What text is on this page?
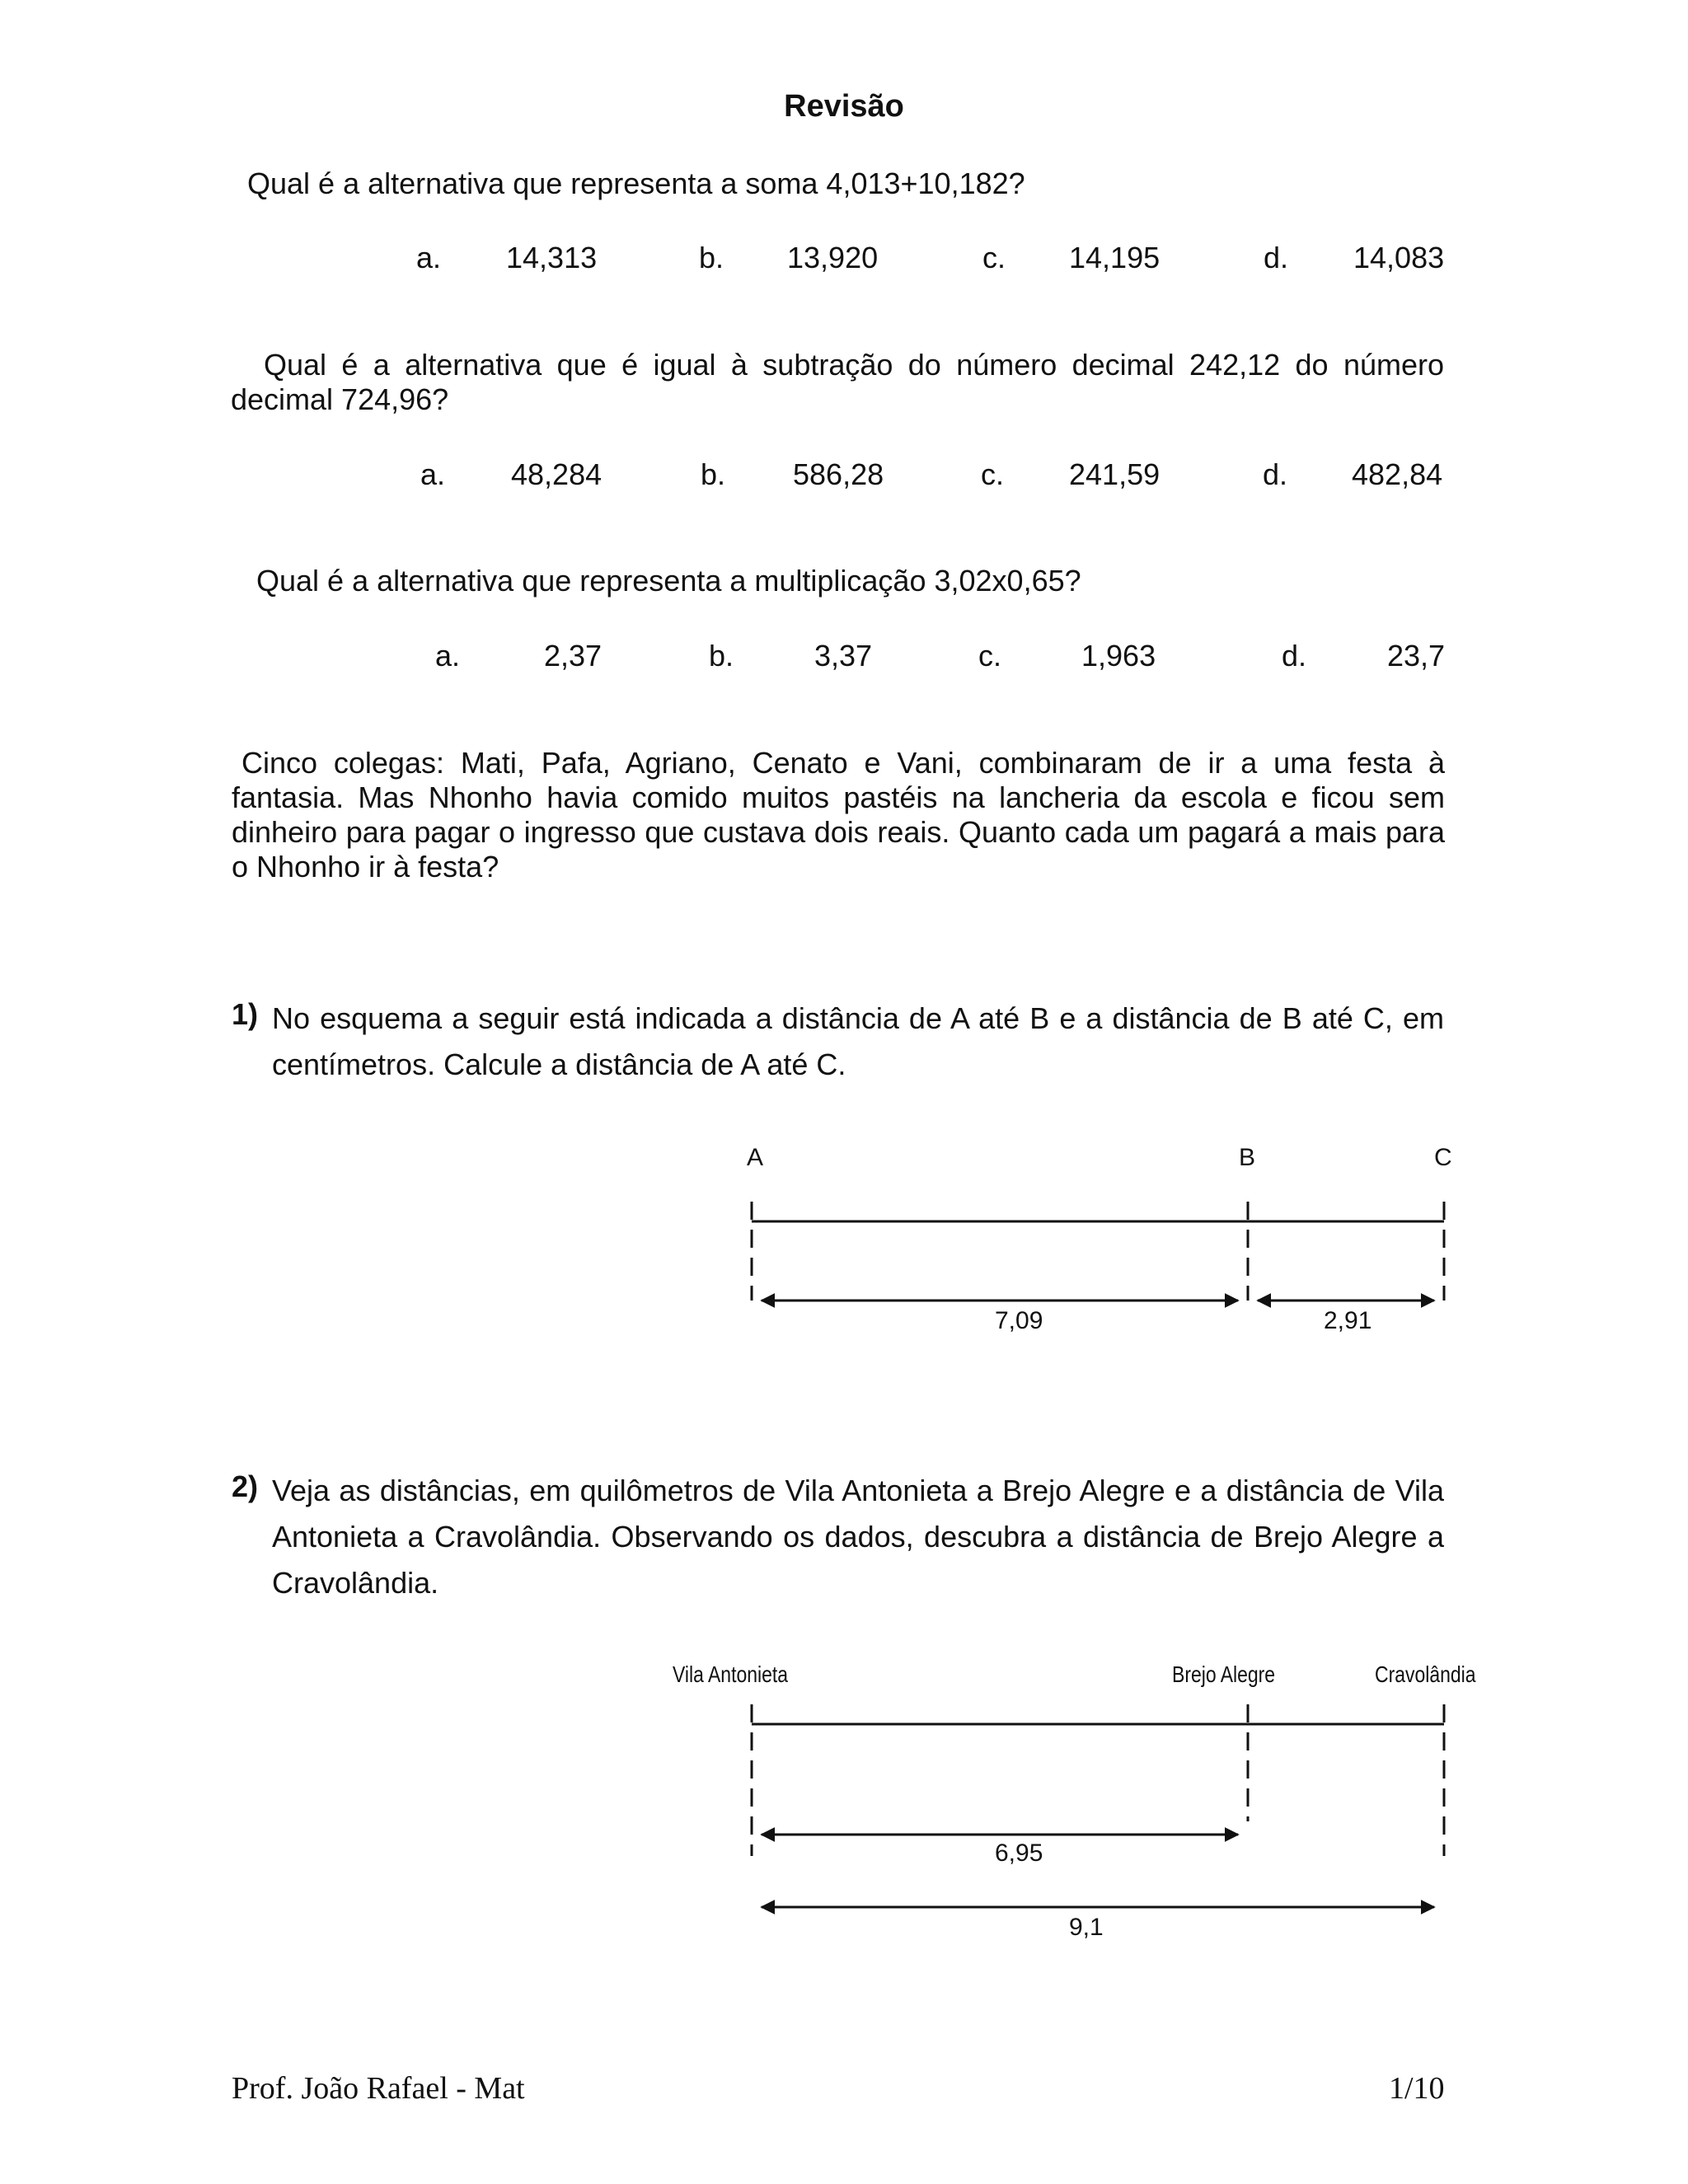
Revisão
Qual é a alternativa que representa a soma 4,013+10,182?
a. 14,313	b. 13,920	c. 14,195	d. 14,083
Qual é a alternativa que é igual à subtração do número decimal 242,12 do número decimal 724,96?
a. 48,284	b. 586,28	c. 241,59	d. 482,84
Qual é a alternativa que representa a multiplicação 3,02x0,65?
a.	2,37	b.	3,37	c.	1,963	d.	23,7
Cinco colegas: Mati, Pafa, Agriano, Cenato e Vani, combinaram de ir a uma festa à fantasia. Mas Nhonho havia comido muitos pastéis na lancheria da escola e ficou sem dinheiro para pagar o ingresso que custava dois reais. Quanto cada um pagará a mais para o Nhonho ir à festa?
1) No esquema a seguir está indicada a distância de A até B e a distância de B até C, em centímetros. Calcule a distância de A até C.
A	B	C
7,09	2,91
2) Veja as distâncias, em quilômetros de Vila Antonieta a Brejo Alegre e a distância de Vila Antonieta a Cravolândia. Observando os dados, descubra a distância de Brejo Alegre a Cravolândia.
Vila Antonieta	Brejo Alegre	Cravolândia
6,95
9,1
Prof. João Rafael - Mat	1/10
